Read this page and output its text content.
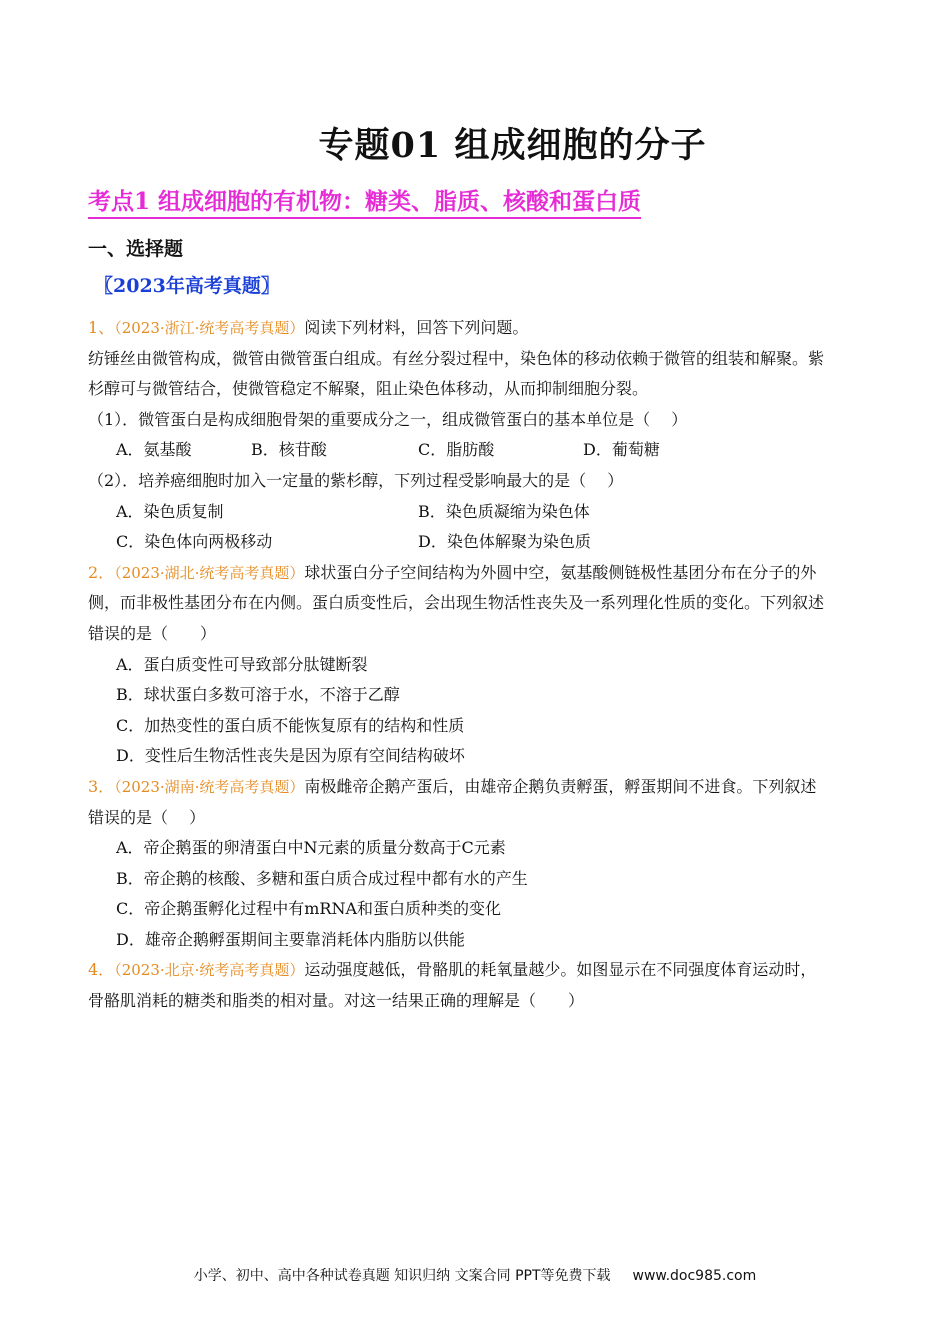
专题01 组成细胞的分子
考点1 组成细胞的有机物：糖类、脂质、核酸和蛋白质
一、选择题
〖2023年高考真题〗
1、（2023·浙江·统考高考真题）阅读下列材料，回答下列问题。
纺锤丝由微管构成，微管由微管蛋白组成。有丝分裂过程中，染色体的移动依赖于微管的组装和解聚。紫
杉醇可与微管结合，使微管稳定不解聚，阻止染色体移动，从而抑制细胞分裂。
（1）．微管蛋白是构成细胞骨架的重要成分之一，组成微管蛋白的基本单位是（　 ）
A．氨基酸	B．核苷酸	C．脂肪酸	D．葡萄糖
（2）．培养癌细胞时加入一定量的紫杉醇，下列过程受影响最大的是（　 ）
A．染色质复制	B．染色质凝缩为染色体
C．染色体向两极移动	D．染色体解聚为染色质
2．（2023·湖北·统考高考真题）球状蛋白分子空间结构为外圆中空，氨基酸侧链极性基团分布在分子的外
侧，而非极性基团分布在内侧。蛋白质变性后，会出现生物活性丧失及一系列理化性质的变化。下列叙述
错误的是（　　）
A．蛋白质变性可导致部分肽键断裂
B．球状蛋白多数可溶于水，不溶于乙醇
C．加热变性的蛋白质不能恢复原有的结构和性质
D．变性后生物活性丧失是因为原有空间结构破坏
3．（2023·湖南·统考高考真题）南极雌帝企鹅产蛋后，由雄帝企鹅负责孵蛋，孵蛋期间不进食。下列叙述
错误的是（　 ）
A．帝企鹅蛋的卵清蛋白中N元素的质量分数高于C元素
B．帝企鹅的核酸、多糖和蛋白质合成过程中都有水的产生
C．帝企鹅蛋孵化过程中有mRNA和蛋白质种类的变化
D．雄帝企鹅孵蛋期间主要靠消耗体内脂肪以供能
4．（2023·北京·统考高考真题）运动强度越低，骨骼肌的耗氧量越少。如图显示在不同强度体育运动时，
骨骼肌消耗的糖类和脂类的相对量。对这一结果正确的理解是（　　）
小学、初中、高中各种试卷真题 知识归纳 文案合同 PPT等免费下载 www.doc985.com
